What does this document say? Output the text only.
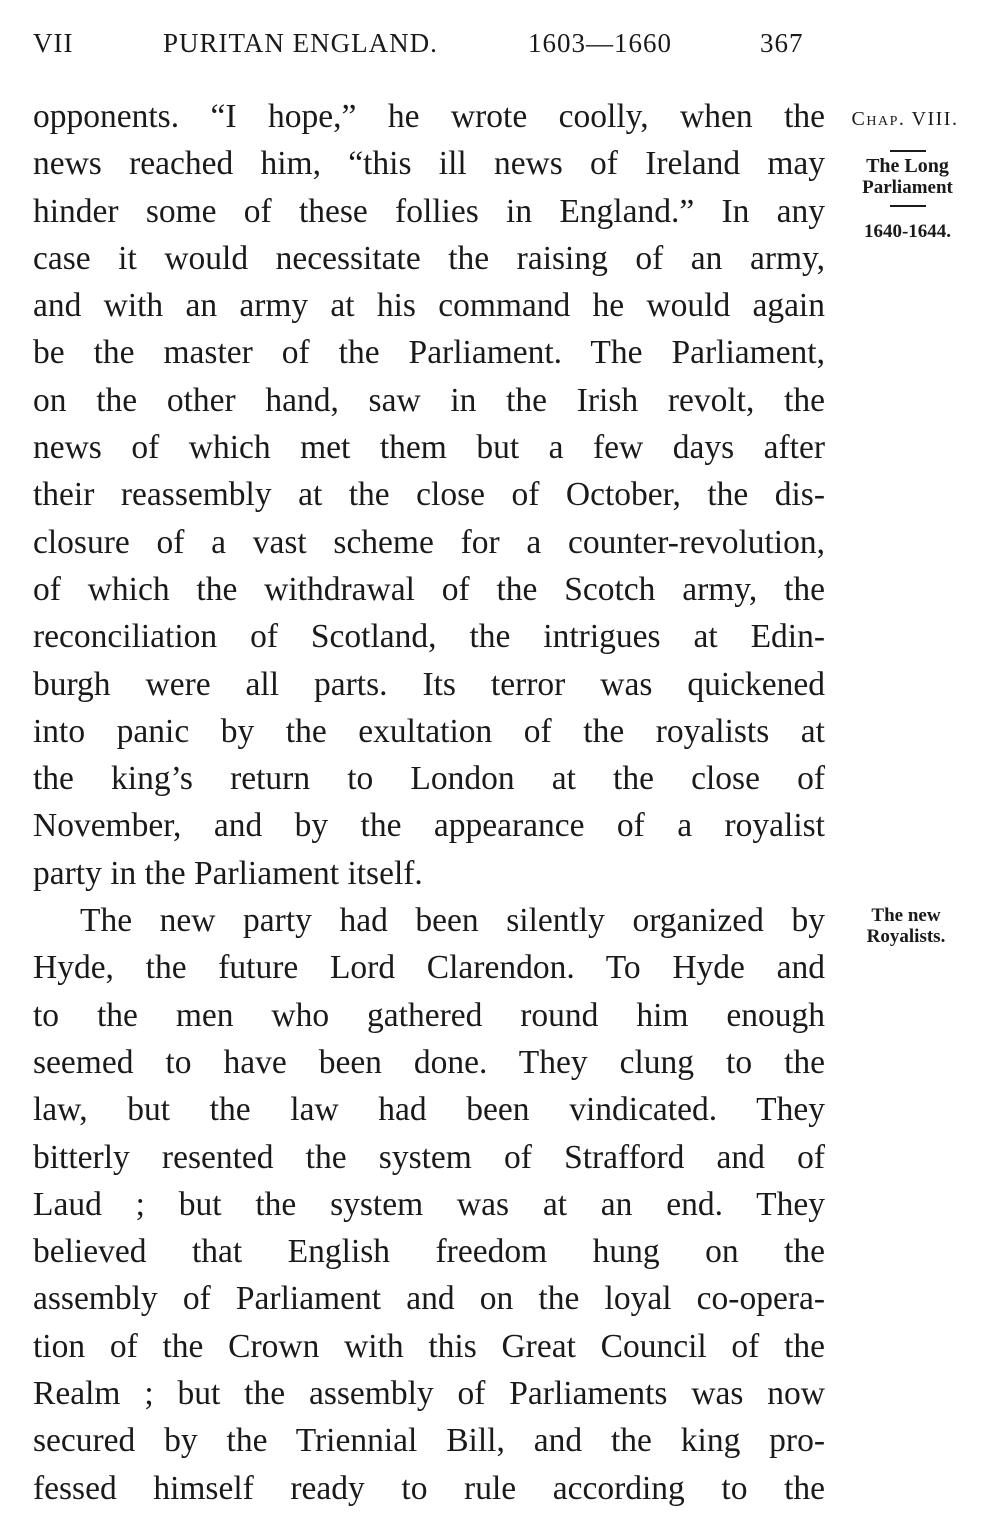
VII	PURITAN ENGLAND.	1603—1660	367
Chap. VIII.
The Long
Parliament
1640-1644.
The new
Royalists.
opponents. “I hope,” he wrote coolly, when the
news reached him, “this ill news of Ireland may
hinder some of these follies in England.” In any
case it would necessitate the raising of an army,
and with an army at his command he would again
be the master of the Parliament. The Parliament,
on the other hand, saw in the Irish revolt, the
news of which met them but a few days after
their reassembly at the close of October, the dis-
closure of a vast scheme for a counter-revolution,
of which the withdrawal of the Scotch army, the
reconciliation of Scotland, the intrigues at Edin-
burgh were all parts. Its terror was quickened
into panic by the exultation of the royalists at
the king’s return to London at the close of
November, and by the appearance of a royalist
party in the Parliament itself.
The new party had been silently organized by
Hyde, the future Lord Clarendon. To Hyde and
to the men who gathered round him enough
seemed to have been done. They clung to the
law, but the law had been vindicated. They
bitterly resented the system of Strafford and of
Laud ; but the system was at an end. They
believed that English freedom hung on the
assembly of Parliament and on the loyal co-opera-
tion of the Crown with this Great Council of the
Realm ; but the assembly of Parliaments was now
secured by the Triennial Bill, and the king pro-
fessed himself ready to rule according to the
